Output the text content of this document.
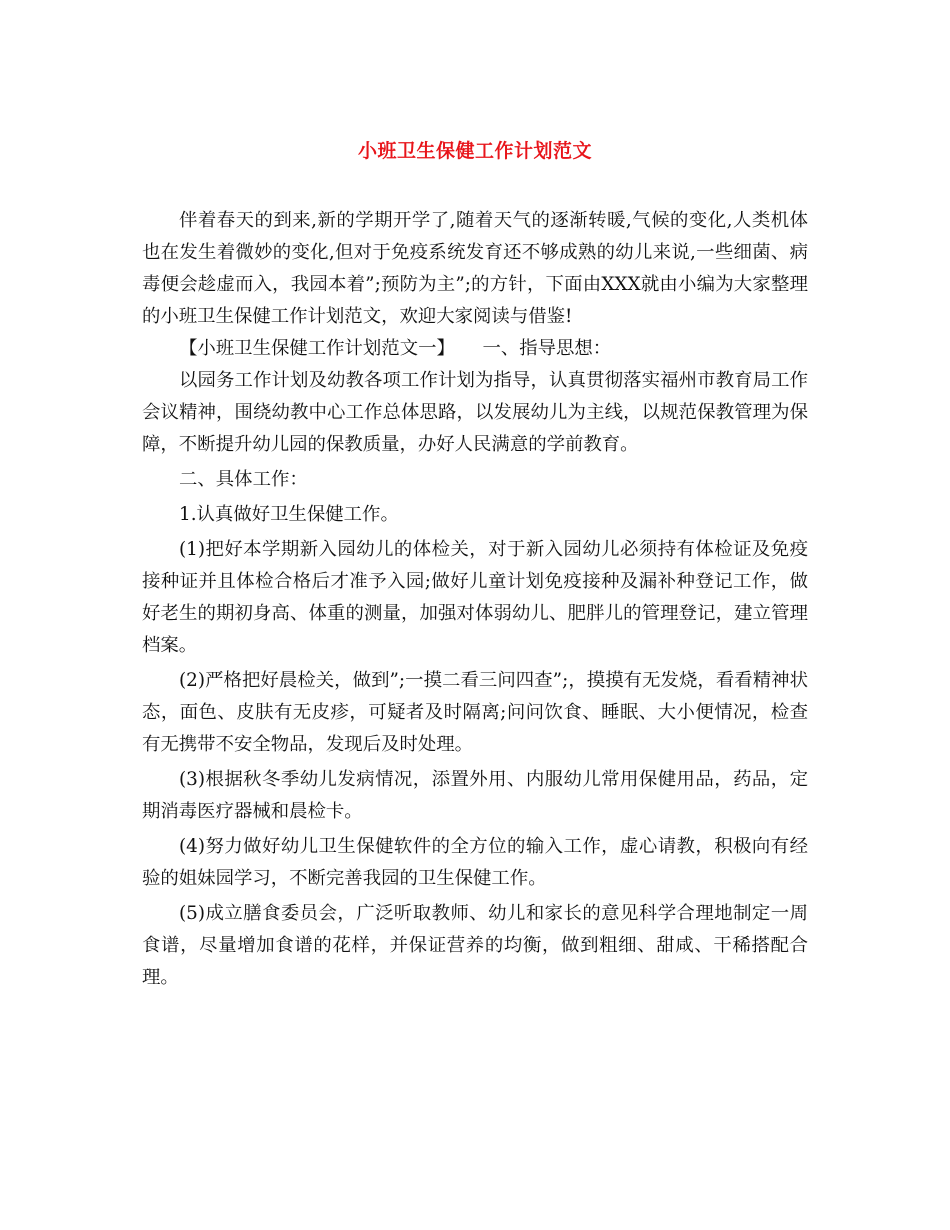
小班卫生保健工作计划范文

伴着春天的到来,新的学期开学了,随着天气的逐渐转暖,气候的变化,人类机体也在发生着微妙的变化,但对于免疫系统发育还不够成熟的幼儿来说,一些细菌、病毒便会趁虚而入，我园本着”;预防为主”;的方针，下面由XXX就由小编为大家整理的小班卫生保健工作计划范文，欢迎大家阅读与借鉴!

【小班卫生保健工作计划范文一】　　一、指导思想：

以园务工作计划及幼教各项工作计划为指导，认真贯彻落实福州市教育局工作会议精神，围绕幼教中心工作总体思路，以发展幼儿为主线，以规范保教管理为保障，不断提升幼儿园的保教质量，办好人民满意的学前教育。

二、具体工作：

1.认真做好卫生保健工作。

(1)把好本学期新入园幼儿的体检关，对于新入园幼儿必须持有体检证及免疫接种证并且体检合格后才准予入园;做好儿童计划免疫接种及漏补种登记工作，做好老生的期初身高、体重的测量，加强对体弱幼儿、肥胖儿的管理登记，建立管理档案。

(2)严格把好晨检关，做到”;一摸二看三问四查”;，摸摸有无发烧，看看精神状态，面色、皮肤有无皮疹，可疑者及时隔离;问问饮食、睡眠、大小便情况，检查有无携带不安全物品，发现后及时处理。

(3)根据秋冬季幼儿发病情况，添置外用、内服幼儿常用保健用品，药品，定期消毒医疗器械和晨检卡。

(4)努力做好幼儿卫生保健软件的全方位的输入工作，虚心请教，积极向有经验的姐妹园学习，不断完善我园的卫生保健工作。

(5)成立膳食委员会，广泛听取教师、幼儿和家长的意见科学合理地制定一周食谱，尽量增加食谱的花样，并保证营养的均衡，做到粗细、甜咸、干稀搭配合理。
